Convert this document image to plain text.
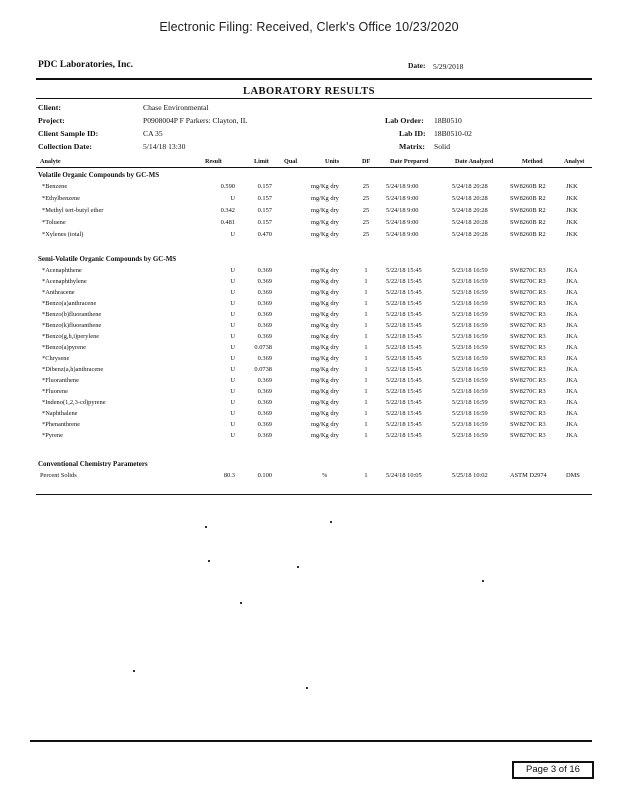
Electronic Filing: Received, Clerk's Office 10/23/2020
PDC Laboratories, Inc.	Date: 5/29/2018
LABORATORY RESULTS
Client:	Chase Environmental
Project:	P0908004P F Parkers: Clayton, IL
Client Sample ID:	CA 35
Collection Date:	5/14/18 13:30
Lab Order: 18B0510
Lab ID: 18B0510-02
Matrix: Solid
Analyte	Result	Limit Qual	Units	DF	Date Prepared	Date Analyzed	Method	Analyst
Volatile Organic Compounds by GC-MS
*Benzene	0.590	0.157	mg/Kg dry	25	5/24/18 9:00	5/24/18 20:28	SW8260B R2	JKK
*Ethylbenzene	U	0.157	mg/Kg dry	25	5/24/18 9:00	5/24/18 20:28	SW8260B R2	JKK
*Methyl tert-butyl ether	0.342	0.157	mg/Kg dry	25	5/24/18 9:00	5/24/18 20:28	SW8260B R2	JKK
*Toluene	0.481	0.157	mg/Kg dry	25	5/24/18 9:00	5/24/18 20:28	SW8260B R2	JKK
*Xylenes (total)	U	0.470	mg/Kg dry	25	5/24/18 9:00	5/24/18 20:28	SW8260B R2	JKK
Semi-Volatile Organic Compounds by GC-MS
*Acenaphthene	U	0.369	mg/Kg dry	1	5/22/18 15:45	5/23/18 16:59	SW8270C R3	JKA
*Acenaphthylene	U	0.369	mg/Kg dry	1	5/22/18 15:45	5/23/18 16:59	SW8270C R3	JKA
*Anthracene	U	0.369	mg/Kg dry	1	5/22/18 15:45	5/23/18 16:59	SW8270C R3	JKA
*Benzo(a)anthracene	U	0.369	mg/Kg dry	1	5/22/18 15:45	5/23/18 16:59	SW8270C R3	JKA
*Benzo(b)fluoranthene	U	0.369	mg/Kg dry	1	5/22/18 15:45	5/23/18 16:59	SW8270C R3	JKA
*Benzo(k)fluoranthene	U	0.369	mg/Kg dry	1	5/22/18 15:45	5/23/18 16:59	SW8270C R3	JKA
*Benzo(g,h,i)perylene	U	0.369	mg/Kg dry	1	5/22/18 15:45	5/23/18 16:59	SW8270C R3	JKA
*Benzo(a)pyrene	U	0.0738	mg/Kg dry	1	5/22/18 15:45	5/23/18 16:59	SW8270C R3	JKA
*Chrysene	U	0.369	mg/Kg dry	1	5/22/18 15:45	5/23/18 16:59	SW8270C R3	JKA
*Dibenz(a,h)anthracene	U	0.0738	mg/Kg dry	1	5/22/18 15:45	5/23/18 16:59	SW8270C R3	JKA
*Fluoranthene	U	0.369	mg/Kg dry	1	5/22/18 15:45	5/23/18 16:59	SW8270C R3	JKA
*Fluorene	U	0.369	mg/Kg dry	1	5/22/18 15:45	5/23/18 16:59	SW8270C R3	JKA
*Indeno(1,2,3-cd)pyrene	U	0.369	mg/Kg dry	1	5/22/18 15:45	5/23/18 16:59	SW8270C R3	JKA
*Naphthalene	U	0.369	mg/Kg dry	1	5/22/18 15:45	5/23/18 16:59	SW8270C R3	JKA
*Phenanthrene	U	0.369	mg/Kg dry	1	5/22/18 15:45	5/23/18 16:59	SW8270C R3	JKA
*Pyrene	U	0.369	mg/Kg dry	1	5/22/18 15:45	5/23/18 16:59	SW8270C R3	JKA
Conventional Chemistry Parameters
Percent Solids	80.3	0.100	%	1	5/24/18 10:05	5/25/18 10:02	ASTM D2974	DMS
Page 3 of 16
